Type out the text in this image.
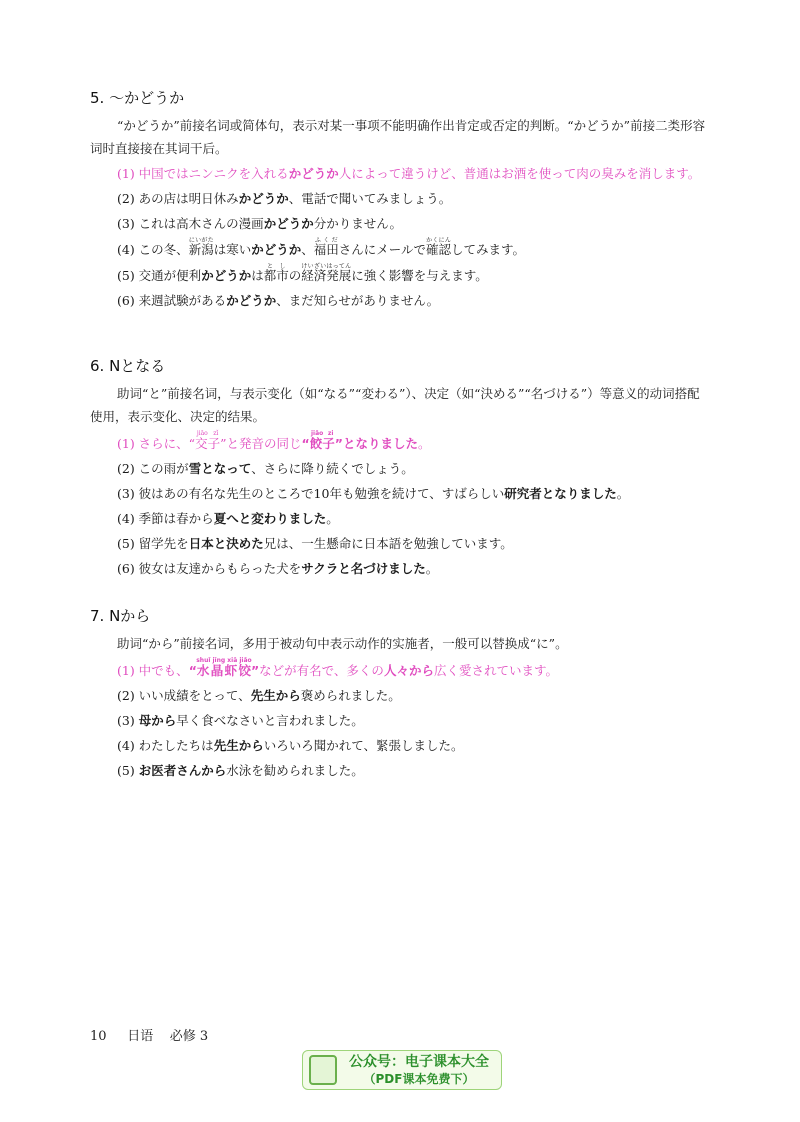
5. ～かどうか
“かどうか”前接名词或简体句，表示对某一事项不能明确作出肯定或否定的判断。“かどうか”前接二类形容词时直接接在其词干后。
(1) 中国ではニンニクを入れるかどうか人によって違うけど、普通はお酒を使って肉の臭みを消します。
(2) あの店は明日休みかどうか、電話で聞いてみましょう。
(3) これは高木さんの漫画かどうか分かりません。
(4) この冬、新潟にいがたは寒いかどうか、福田ふくださんにメールで確認かくにんしてみます。
(5) 交通が便利かどうかは都市としの経済発展けいざいはってんに強く影響を与えます。
(6) 来週試験があるかどうか、まだ知らせがありません。
6. Nとなる
助词“と”前接名词，与表示变化（如“なる”“変わる”）、决定（如“決める”“名づける”）等意义的动词搭配使用，表示变化、决定的结果。
(1) さらに、“交子jiāo zǐ”と発音の同じ“餃子jiǎo zi”となりました。
(2) この雨が雪となって、さらに降り続くでしょう。
(3) 彼はあの有名な先生のところで10年も勉強を続けて、すばらしい研究者となりました。
(4) 季節は春から夏へと変わりました。
(5) 留学先を日本と決めた兄は、一生懸命に日本語を勉強しています。
(6) 彼女は友達からもらった犬をサクラと名づけました。
7. Nから
助词“から”前接名词，多用于被动句中表示动作的实施者，一般可以替换成“に”。
(1) 中でも、“水晶虾饺shuǐ jīng xiā jiǎo”などが有名で、多くの人々から広く愛されています。
(2) いい成績をとって、先生から褒められました。
(3) 母から早く食べなさいと言われました。
(4) わたしたちは先生からいろいろ聞かれて、緊張しました。
(5) お医者さんから水泳を勧められました。
10 日语 必修 3
公众号：电子课本大全
（PDF课本免费下）
